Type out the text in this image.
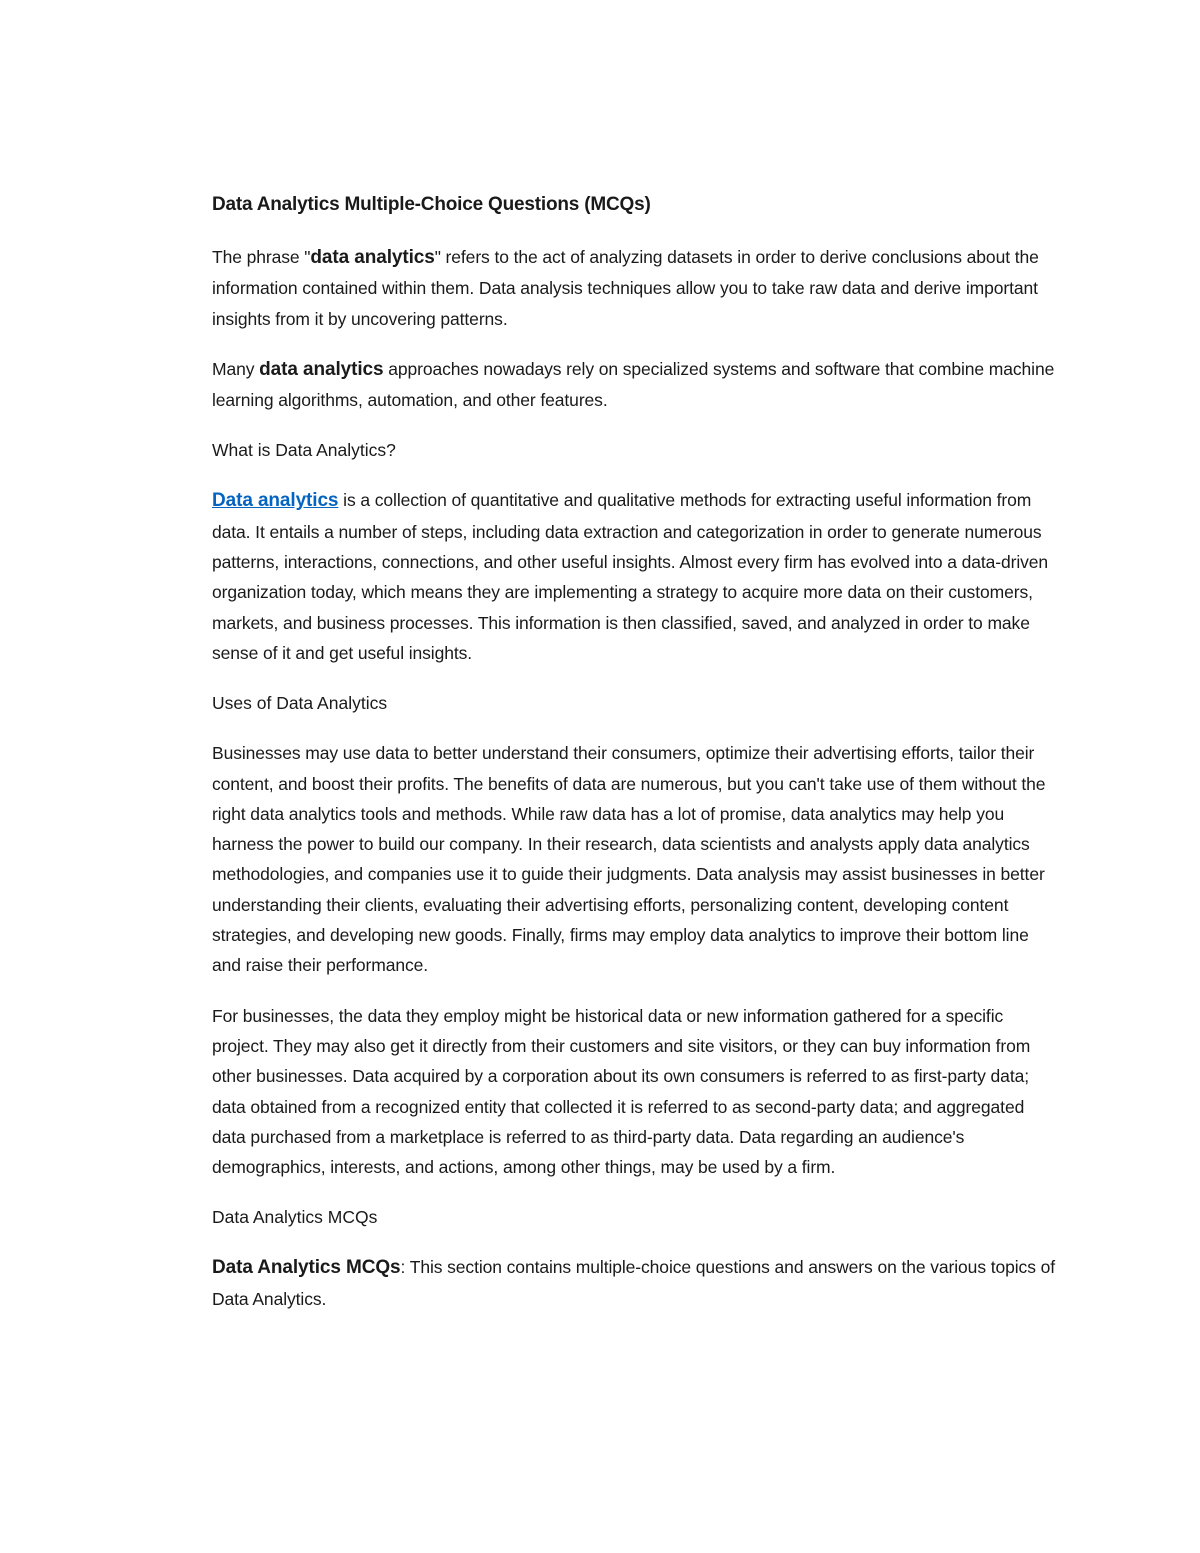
Data Analytics Multiple-Choice Questions (MCQs)

The phrase "data analytics" refers to the act of analyzing datasets in order to derive conclusions about the information contained within them. Data analysis techniques allow you to take raw data and derive important insights from it by uncovering patterns.

Many data analytics approaches nowadays rely on specialized systems and software that combine machine learning algorithms, automation, and other features.

What is Data Analytics?

Data analytics is a collection of quantitative and qualitative methods for extracting useful information from data. It entails a number of steps, including data extraction and categorization in order to generate numerous patterns, interactions, connections, and other useful insights. Almost every firm has evolved into a data-driven organization today, which means they are implementing a strategy to acquire more data on their customers, markets, and business processes. This information is then classified, saved, and analyzed in order to make sense of it and get useful insights.

Uses of Data Analytics

Businesses may use data to better understand their consumers, optimize their advertising efforts, tailor their content, and boost their profits. The benefits of data are numerous, but you can't take use of them without the right data analytics tools and methods. While raw data has a lot of promise, data analytics may help you harness the power to build our company. In their research, data scientists and analysts apply data analytics methodologies, and companies use it to guide their judgments. Data analysis may assist businesses in better understanding their clients, evaluating their advertising efforts, personalizing content, developing content strategies, and developing new goods. Finally, firms may employ data analytics to improve their bottom line and raise their performance.

For businesses, the data they employ might be historical data or new information gathered for a specific project. They may also get it directly from their customers and site visitors, or they can buy information from other businesses. Data acquired by a corporation about its own consumers is referred to as first-party data; data obtained from a recognized entity that collected it is referred to as second-party data; and aggregated data purchased from a marketplace is referred to as third-party data. Data regarding an audience's demographics, interests, and actions, among other things, may be used by a firm.

Data Analytics MCQs

Data Analytics MCQs: This section contains multiple-choice questions and answers on the various topics of Data Analytics.
